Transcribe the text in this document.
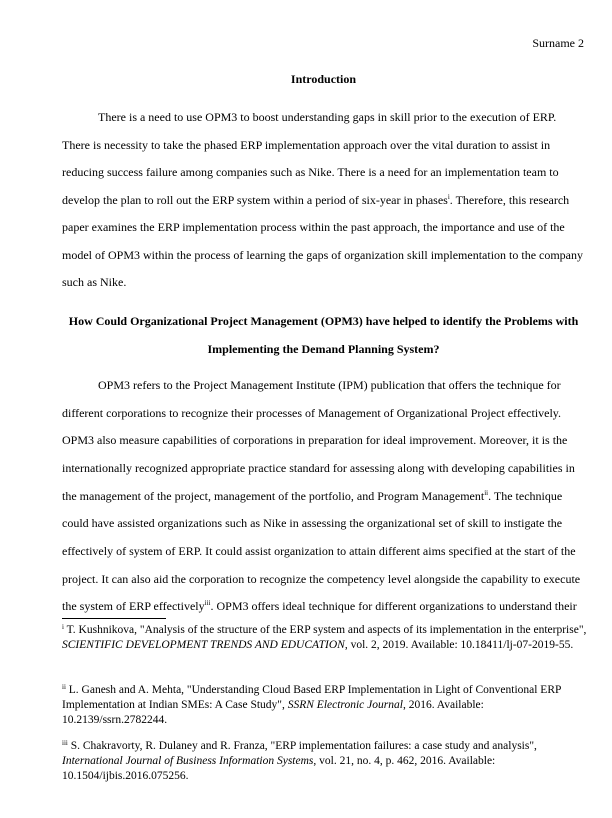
Surname 2
Introduction
There is a need to use OPM3 to boost understanding gaps in skill prior to the execution of ERP.
There is necessity to take the phased ERP implementation approach over the vital duration to assist in
reducing success failure among companies such as Nike. There is a need for an implementation team to
develop the plan to roll out the ERP system within a period of six-year in phases$^i$. Therefore, this research
paper examines the ERP implementation process within the past approach, the importance and use of the
model of OPM3 within the process of learning the gaps of organization skill implementation to the company
such as Nike.
How Could Organizational Project Management (OPM3) have helped to identify the Problems with
Implementing the Demand Planning System?
OPM3 refers to the Project Management Institute (IPM) publication that offers the technique for
different corporations to recognize their processes of Management of Organizational Project effectively.
OPM3 also measure capabilities of corporations in preparation for ideal improvement. Moreover, it is the
internationally recognized appropriate practice standard for assessing along with developing capabilities in
the management of the project, management of the portfolio, and Program Management$^{ii}$. The technique
could have assisted organizations such as Nike in assessing the organizational set of skill to instigate the
effectively of system of ERP. It could assist organization to attain different aims specified at the start of the
project. It can also aid the corporation to recognize the competency level alongside the capability to execute
the system of ERP effectively$^{iii}$. OPM3 offers ideal technique for different organizations to understand their
$^i$ T. Kushnikova, "Analysis of the structure of the ERP system and aspects of its implementation in the enterprise", SCIENTIFIC DEVELOPMENT TRENDS AND EDUCATION, vol. 2, 2019. Available: 10.18411/lj-07-2019-55.
$^{ii}$ L. Ganesh and A. Mehta, "Understanding Cloud Based ERP Implementation in Light of Conventional ERP Implementation at Indian SMEs: A Case Study", SSRN Electronic Journal, 2016. Available: 10.2139/ssrn.2782244.
$^{iii}$ S. Chakravorty, R. Dulaney and R. Franza, "ERP implementation failures: a case study and analysis", International Journal of Business Information Systems, vol. 21, no. 4, p. 462, 2016. Available: 10.1504/ijbis.2016.075256.
